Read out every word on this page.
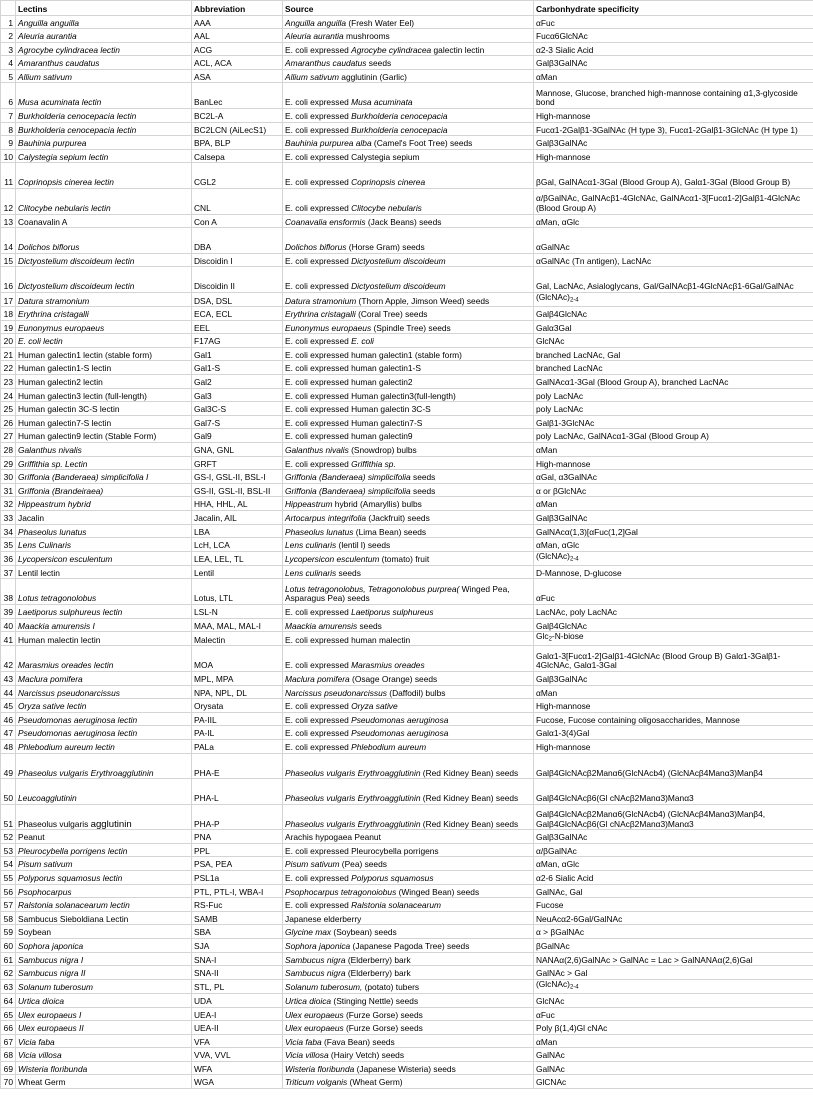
	Lectins	Abbreviation	Source	Carbonhydrate specificity
1	Anguilla anguilla	AAA	Anguilla anguilla (Fresh Water Eel)	αFuc
2	Aleuria aurantia	AAL	Aleuria aurantia mushrooms	Fucα6GlcNAc
3	Agrocybe cylindracea lectin	ACG	E. coli expressed Agrocybe cylindracea galectin lectin	α2-3 Sialic Acid
4	Amaranthus caudatus	ACL, ACA	Amaranthus caudatus seeds	Galβ3GalNAc
5	Allium sativum	ASA	Allium sativum agglutinin (Garlic)	αMan
6	Musa acuminata lectin	BanLec	E. coli expressed Musa acuminata	Mannose, Glucose, branched high-mannose containing α1,3-glycoside bond
7	Burkholderia cenocepacia lectin	BC2L-A	E. coli expressed Burkholderia cenocepacia	High-mannose
8	Burkholderia cenocepacia lectin	BC2LCN (AiLecS1)	E. coli expressed Burkholderia cenocepacia	Fucα1-2Galβ1-3GalNAc (H type 3), Fucα1-2Galβ1-3GlcNAc (H type 1)
9	Bauhinia purpurea	BPA, BLP	Bauhinia purpurea alba (Camel's Foot Tree) seeds	Galβ3GalNAc
10	Calystegia sepium lectin	Calsepa	E. coli expressed Calystegia sepium	High-mannose
11	Coprinopsis cinerea lectin	CGL2	E. coli expressed Coprinopsis cinerea	βGal, GalNAcα1-3Gal (Blood Group A), Galα1-3Gal (Blood Group B)
12	Clitocybe nebularis lectin	CNL	E. coli expressed Clitocybe nebularis	α/βGalNAc, GalNAcβ1-4GlcNAc, GalNAcα1-3[Fucα1-2]Galβ1-4GlcNAc (Blood Group A)
13	Coanavalin A	Con A	Coanavalia ensformis (Jack Beans) seeds	αMan, αGlc
14	Dolichos biflorus	DBA	Dolichos biflorus (Horse Gram) seeds	αGalNAc
15	Dictyostelium discoideum lectin	Discoidin I	E. coli expressed Dictyostelium discoideum	αGalNAc (Tn antigen), LacNAc
16	Dictyostelium discoideum lectin	Discoidin II	E. coli expressed Dictyostelium discoideum	Gal, LacNAc, Asialoglycans, Gal/GalNAcβ1-4GlcNAcβ1-6Gal/GalNAc
17	Datura stramonium	DSA, DSL	Datura stramonium (Thorn Apple, Jimson Weed) seeds	$(GlcNAc)_{2-4}$
18	Erythrina cristagalli	ECA, ECL	Erythrina cristagalli (Coral Tree) seeds	Galβ4GlcNAc
19	Eunonymus europaeus	EEL	Eunonymus europaeus (Spindle Tree) seeds	Galα3Gal
20	E. coli lectin	F17AG	E. coli expressed E. coli	GlcNAc
21	Human galectin1 lectin (stable form)	Gal1	E. coli expressed human galectin1 (stable form)	branched LacNAc, Gal
22	Human galectin1-S lectin	Gal1-S	E. coli expressed human galectin1-S	branched LacNAc
23	Human galectin2 lectin	Gal2	E. coli expressed human galectin2	GalNAcα1-3Gal (Blood Group A), branched LacNAc
24	Human galectin3 lectin (full-length)	Gal3	E. coli expressed Human galectin3(full-length)	poly LacNAc
25	Human galectin 3C-S lectin	Gal3C-S	E. coli expressed Human galectin 3C-S	poly LacNAc
26	Human galectin7-S lectin	Gal7-S	E. coli expressed Human galectin7-S	Galβ1-3GlcNAc
27	Human galectin9 lectin (Stable Form)	Gal9	E. coli expressed human galectin9	poly LacNAc, GalNAcα1-3Gal (Blood Group A)
28	Galanthus nivalis	GNA, GNL	Galanthus nivalis (Snowdrop) bulbs	αMan
29	Griffithia sp. Lectin	GRFT	E. coli expressed Griffithia sp.	High-mannose
30	Griffonia (Banderaea) simplicifolia I	GS-I, GSL-II, BSL-I	Griffonia (Banderaea) simplicifolia seeds	αGal, α3GalNAc
31	Griffonia (Brandeiraea)	GS-II, GSL-II, BSL-II	Griffonia (Banderaea) simplicifolia seeds	α or βGlcNAc
32	Hippeastrum hybrid	HHA, HHL, AL	Hippeastrum hybrid (Amaryllis) bulbs	αMan
33	Jacalin	Jacalin, AIL	Artocarpus integrifolia (Jackfruit) seeds	Galβ3GalNAc
34	Phaseolus lunatus	LBA	Phaseolus lunatus (Lima Bean) seeds	GalNAcα(1,3)[αFuc(1,2]Gal
35	Lens Culinaris	LcH, LCA	Lens culinaris (lentil l) seeds	αMan, αGlc
36	Lycopersicon esculentum	LEA, LEL, TL	Lycopersicon esculentum (tomato) fruit	$(GlcNAc)_{2-4}$
37	Lentil lectin	Lentil	Lens culinaris seeds	D-Mannose, D-glucose
38	Lotus tetragonolobus	Lotus, LTL	Lotus tetragonolobus, Tetragonolobus purprea( Winged Pea, Asparagus Pea) seeds	αFuc
39	Laetiporus sulphureus lectin	LSL-N	E. coli expressed Laetiporus sulphureus	LacNAc, poly LacNAc
40	Maackia amurensis I	MAA, MAL, MAL-I	Maackia amurensis seeds	Galβ4GlcNAc
41	Human malectin lectin	Malectin	E. coli expressed human malectin	Glc$_2$-N-biose
42	Marasmius oreades lectin	MOA	E. coli expressed Marasmius oreades	Galα1-3[Fucα1-2]Galβ1-4GlcNAc (Blood Group B) Galα1-3Galβ1-4GlcNAc, Galα1-3Gal
43	Maclura pomifera	MPL, MPA	Maclura pomifera (Osage Orange) seeds	Galβ3GalNAc
44	Narcissus pseudonarcissus	NPA, NPL, DL	Narcissus pseudonarcissus (Daffodil) bulbs	αMan
45	Oryza sative lectin	Orysata	E. coli expressed Oryza sative	High-mannose
46	Pseudomonas aeruginosa lectin	PA-IIL	E. coli expressed Pseudomonas aeruginosa	Fucose, Fucose containing oligosaccharides, Mannose
47	Pseudomonas aeruginosa lectin	PA-IL	E. coli expressed Pseudomonas aeruginosa	Galα1-3(4)Gal
48	Phlebodium aureum lectin	PALa	E. coli expressed Phlebodium aureum	High-mannose
49	Phaseolus vulgaris Erythroagglutinin	PHA-E	Phaseolus vulgaris Erythroagglutinin (Red Kidney Bean) seeds	Galβ4GlcNAcβ2Manα6(GlcNAcb4) (GlcNAcβ4Manα3)Manβ4
50	Leucoagglutinin	PHA-L	Phaseolus vulgaris Erythroagglutinin (Red Kidney Bean) seeds	Galβ4GlcNAcβ6(Gl cNAcβ2Manα3)Manα3
51	Phaseolus vulgaris agglutinin	PHA-P	Phaseolus vulgaris Erythroagglutinin (Red Kidney Bean) seeds	Galβ4GlcNAcβ2Manα6(GlcNAcb4) (GlcNAcβ4Manα3)Manβ4, Galβ4GlcNAcβ6(Gl cNAcβ2Manα3)Manα3
52	Peanut	PNA	Arachis hypogaea Peanut	Galβ3GalNAc
53	Pleurocybella porrigens lectin	PPL	E. coli expressed Pleurocybella porrigens	α/βGalNAc
54	Pisum sativum	PSA, PEA	Pisum sativum (Pea) seeds	αMan, αGlc
55	Polyporus squamosus lectin	PSL1a	E. coli expressed Polyporus squamosus	α2-6 Sialic Acid
56	Psophocarpus	PTL, PTL-I, WBA-I	Psophocarpus tetragonoiobus (Winged Bean) seeds	GalNAc, Gal
57	Ralstonia solanacearum lectin	RS-Fuc	E. coli expressed Ralstonia solanacearum	Fucose
58	Sambucus Sieboldiana Lectin	SAMB	Japanese elderberry	NeuAcα2-6Gal/GalNAc
59	Soybean	SBA	Glycine max (Soybean) seeds	α > βGalNAc
60	Sophora japonica	SJA	Sophora japonica (Japanese Pagoda Tree) seeds	βGalNAc
61	Sambucus nigra I	SNA-I	Sambucus nigra (Elderberry) bark	NANAα(2,6)GalNAc > GalNAc = Lac > GalNANAα(2,6)Gal
62	Sambucus nigra II	SNA-II	Sambucus nigra (Elderberry) bark	GalNAc > Gal
63	Solanum tuberosum	STL, PL	Solanum tuberosum, (potato) tubers	$(GlcNAc)_{2-4}$
64	Urtica dioica	UDA	Urtica dioica (Stinging Nettle) seeds	GlcNAc
65	Ulex europaeus I	UEA-I	Ulex europaeus (Furze Gorse) seeds	αFuc
66	Ulex europaeus II	UEA-II	Ulex europaeus (Furze Gorse) seeds	Poly β(1,4)Gl cNAc
67	Vicia faba	VFA	Vicia faba (Fava Bean) seeds	αMan
68	Vicia villosa	VVA, VVL	Vicia villosa (Hairy Vetch) seeds	GalNAc
69	Wisteria floribunda	WFA	Wisteria floribunda (Japanese Wisteria) seeds	GalNAc
70	Wheat Germ	WGA	Triticum volganis (Wheat Germ)	GlCNAc
